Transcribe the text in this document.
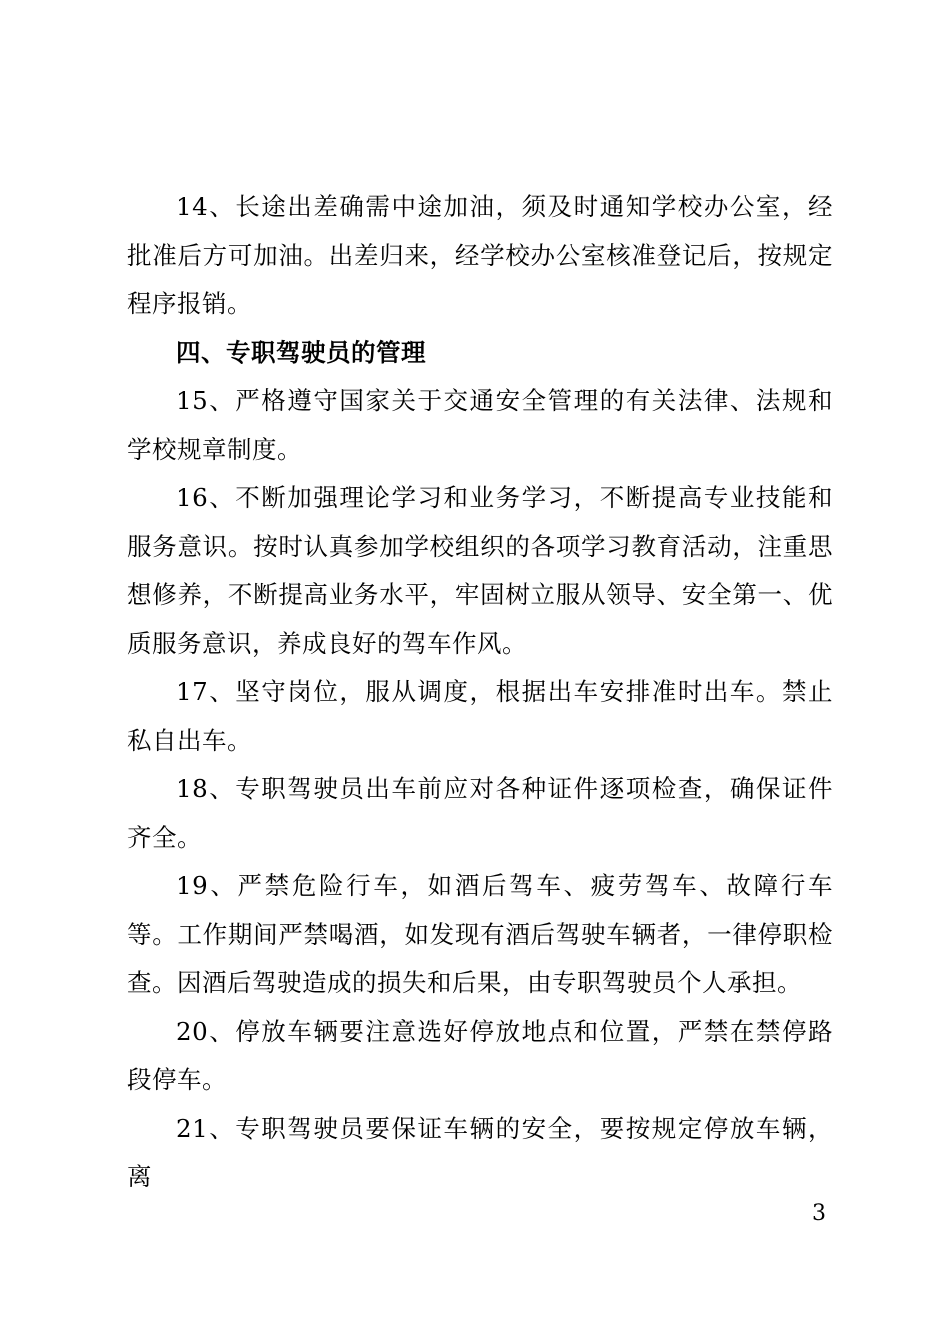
14、长途出差确需中途加油，须及时通知学校办公室，经批准后方可加油。出差归来，经学校办公室核准登记后，按规定程序报销。

四、专职驾驶员的管理

15、严格遵守国家关于交通安全管理的有关法律、法规和学校规章制度。

16、不断加强理论学习和业务学习，不断提高专业技能和服务意识。按时认真参加学校组织的各项学习教育活动，注重思想修养，不断提高业务水平，牢固树立服从领导、安全第一、优质服务意识，养成良好的驾车作风。

17、坚守岗位，服从调度，根据出车安排准时出车。禁止私自出车。

18、专职驾驶员出车前应对各种证件逐项检查，确保证件齐全。

19、严禁危险行车，如酒后驾车、疲劳驾车、故障行车等。工作期间严禁喝酒，如发现有酒后驾驶车辆者，一律停职检查。因酒后驾驶造成的损失和后果，由专职驾驶员个人承担。

20、停放车辆要注意选好停放地点和位置，严禁在禁停路段停车。

21、专职驾驶员要保证车辆的安全，要按规定停放车辆，离

3
